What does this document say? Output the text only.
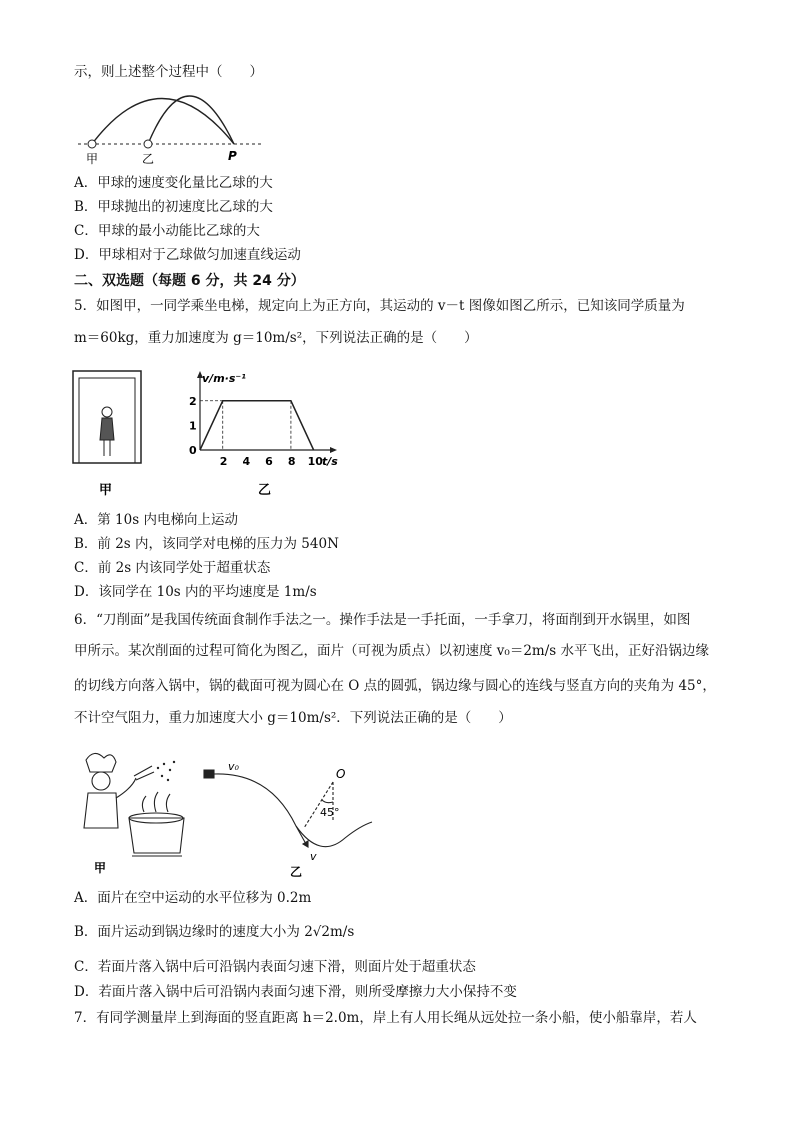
示，则上述整个过程中（　　）
甲	乙	P
A．甲球的速度变化量比乙球的大
B．甲球抛出的初速度比乙球的大
C．甲球的最小动能比乙球的大
D．甲球相对于乙球做匀加速直线运动
二、双选题（每题 6 分，共 24 分）
5．如图甲，一同学乘坐电梯，规定向上为正方向，其运动的 v－t 图像如图乙所示，已知该同学质量为
m＝60kg，重力加速度为 g＝10m/s²，下列说法正确的是（　　）
甲
2 4 6 8 10
0
1
2
v/m·s⁻¹
t/s
乙
A．第 10s 内电梯向上运动
B．前 2s 内，该同学对电梯的压力为 540N
C．前 2s 内该同学处于超重状态
D．该同学在 10s 内的平均速度是 1m/s
6．“刀削面”是我国传统面食制作手法之一。操作手法是一手托面，一手拿刀，将面削到开水锅里，如图
甲所示。某次削面的过程可简化为图乙，面片（可视为质点）以初速度 v₀＝2m/s 水平飞出，正好沿锅边缘
的切线方向落入锅中，锅的截面可视为圆心在 O 点的圆弧，锅边缘与圆心的连线与竖直方向的夹角为 45°，
不计空气阻力，重力加速度大小 g＝10m/s²．下列说法正确的是（　　）
甲
v₀
O
45°
v
乙
A．面片在空中运动的水平位移为 0.2m
B．面片运动到锅边缘时的速度大小为 2√2m/s
C．若面片落入锅中后可沿锅内表面匀速下滑，则面片处于超重状态
D．若面片落入锅中后可沿锅内表面匀速下滑，则所受摩擦力大小保持不变
7．有同学测量岸上到海面的竖直距离 h＝2.0m，岸上有人用长绳从远处拉一条小船，使小船靠岸，若人
